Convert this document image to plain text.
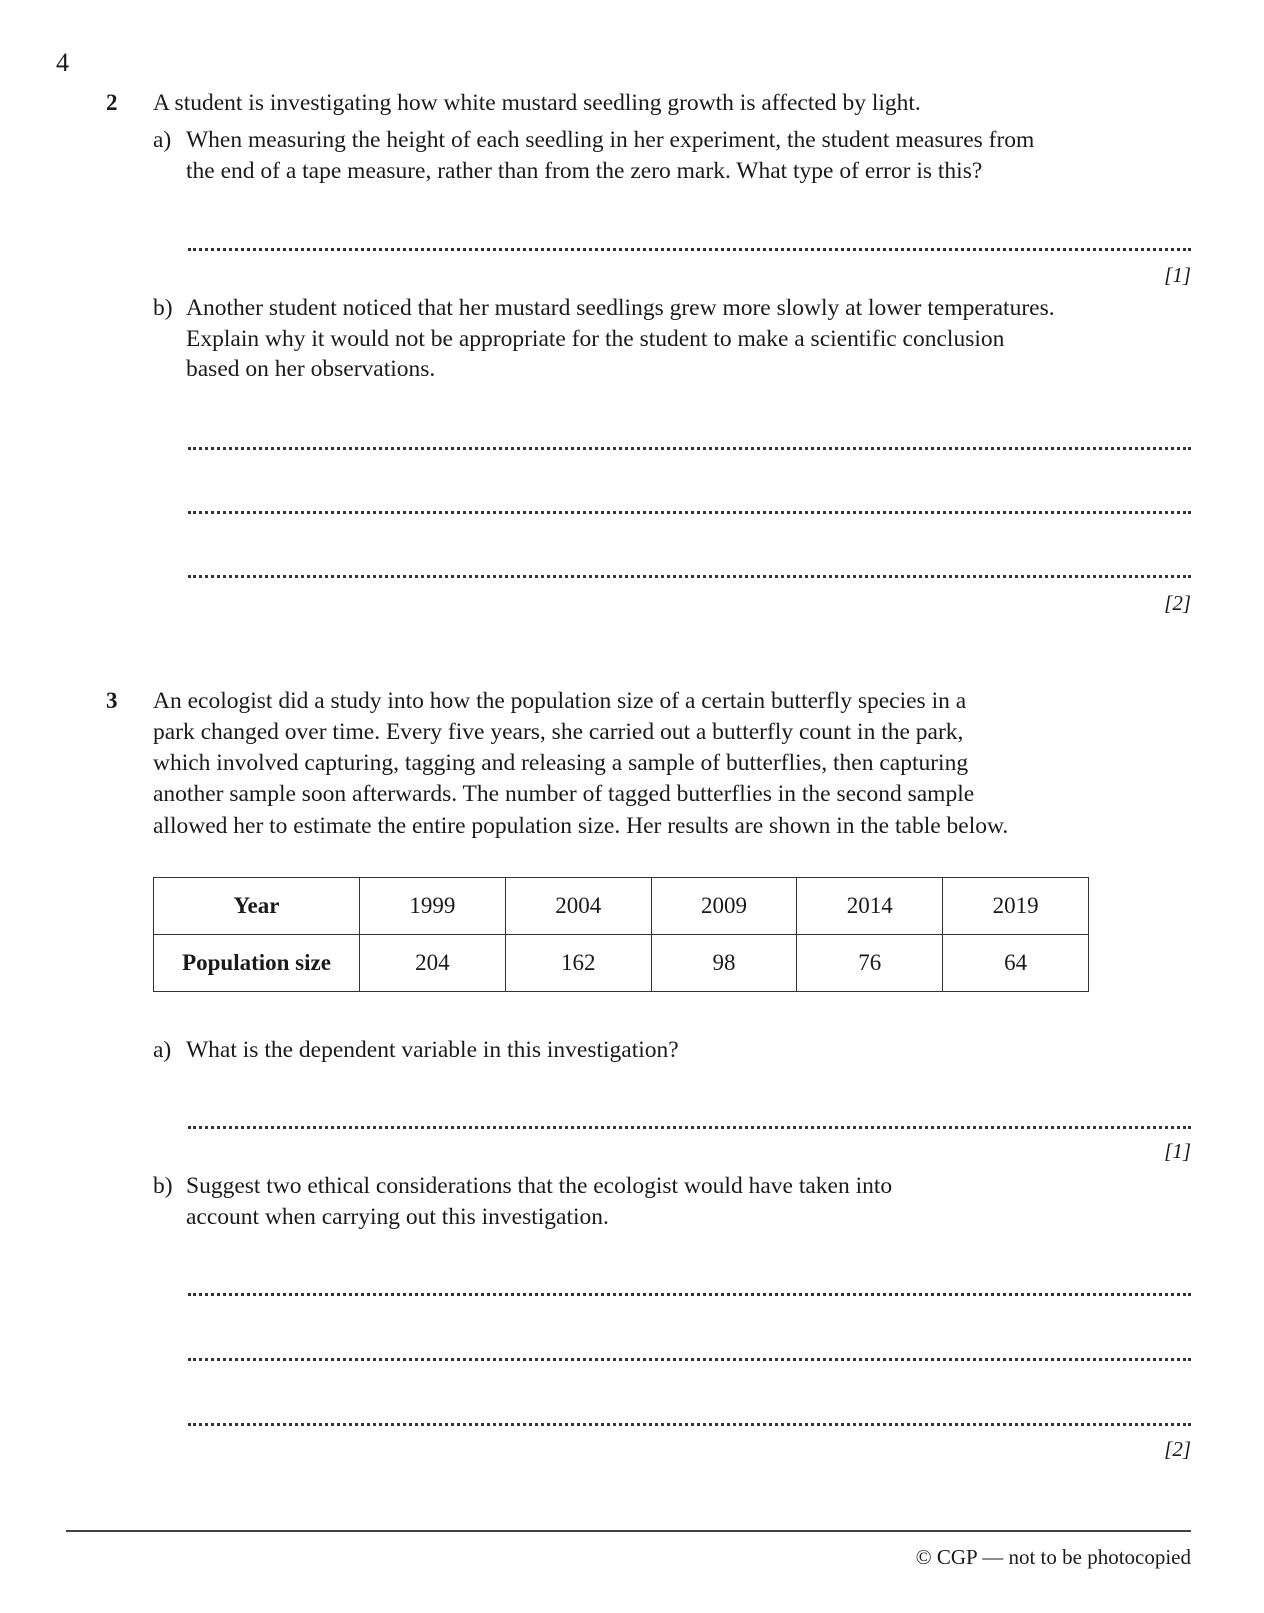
4
2 A student is investigating how white mustard seedling growth is affected by light.
a) When measuring the height of each seedling in her experiment, the student measures from
the end of a tape measure, rather than from the zero mark. What type of error is this?
[1]
b) Another student noticed that her mustard seedlings grew more slowly at lower temperatures.
Explain why it would not be appropriate for the student to make a scientific conclusion
based on her observations.
[2]
3 An ecologist did a study into how the population size of a certain butterfly species in a
park changed over time. Every five years, she carried out a butterfly count in the park,
which involved capturing, tagging and releasing a sample of butterflies, then capturing
another sample soon afterwards. The number of tagged butterflies in the second sample
allowed her to estimate the entire population size. Her results are shown in the table below.
Year	1999	2004	2009	2014	2019
Population size	204	162	98	76	64
a) What is the dependent variable in this investigation?
[1]
b) Suggest two ethical considerations that the ecologist would have taken into
account when carrying out this investigation.
[2]
© CGP — not to be photocopied
